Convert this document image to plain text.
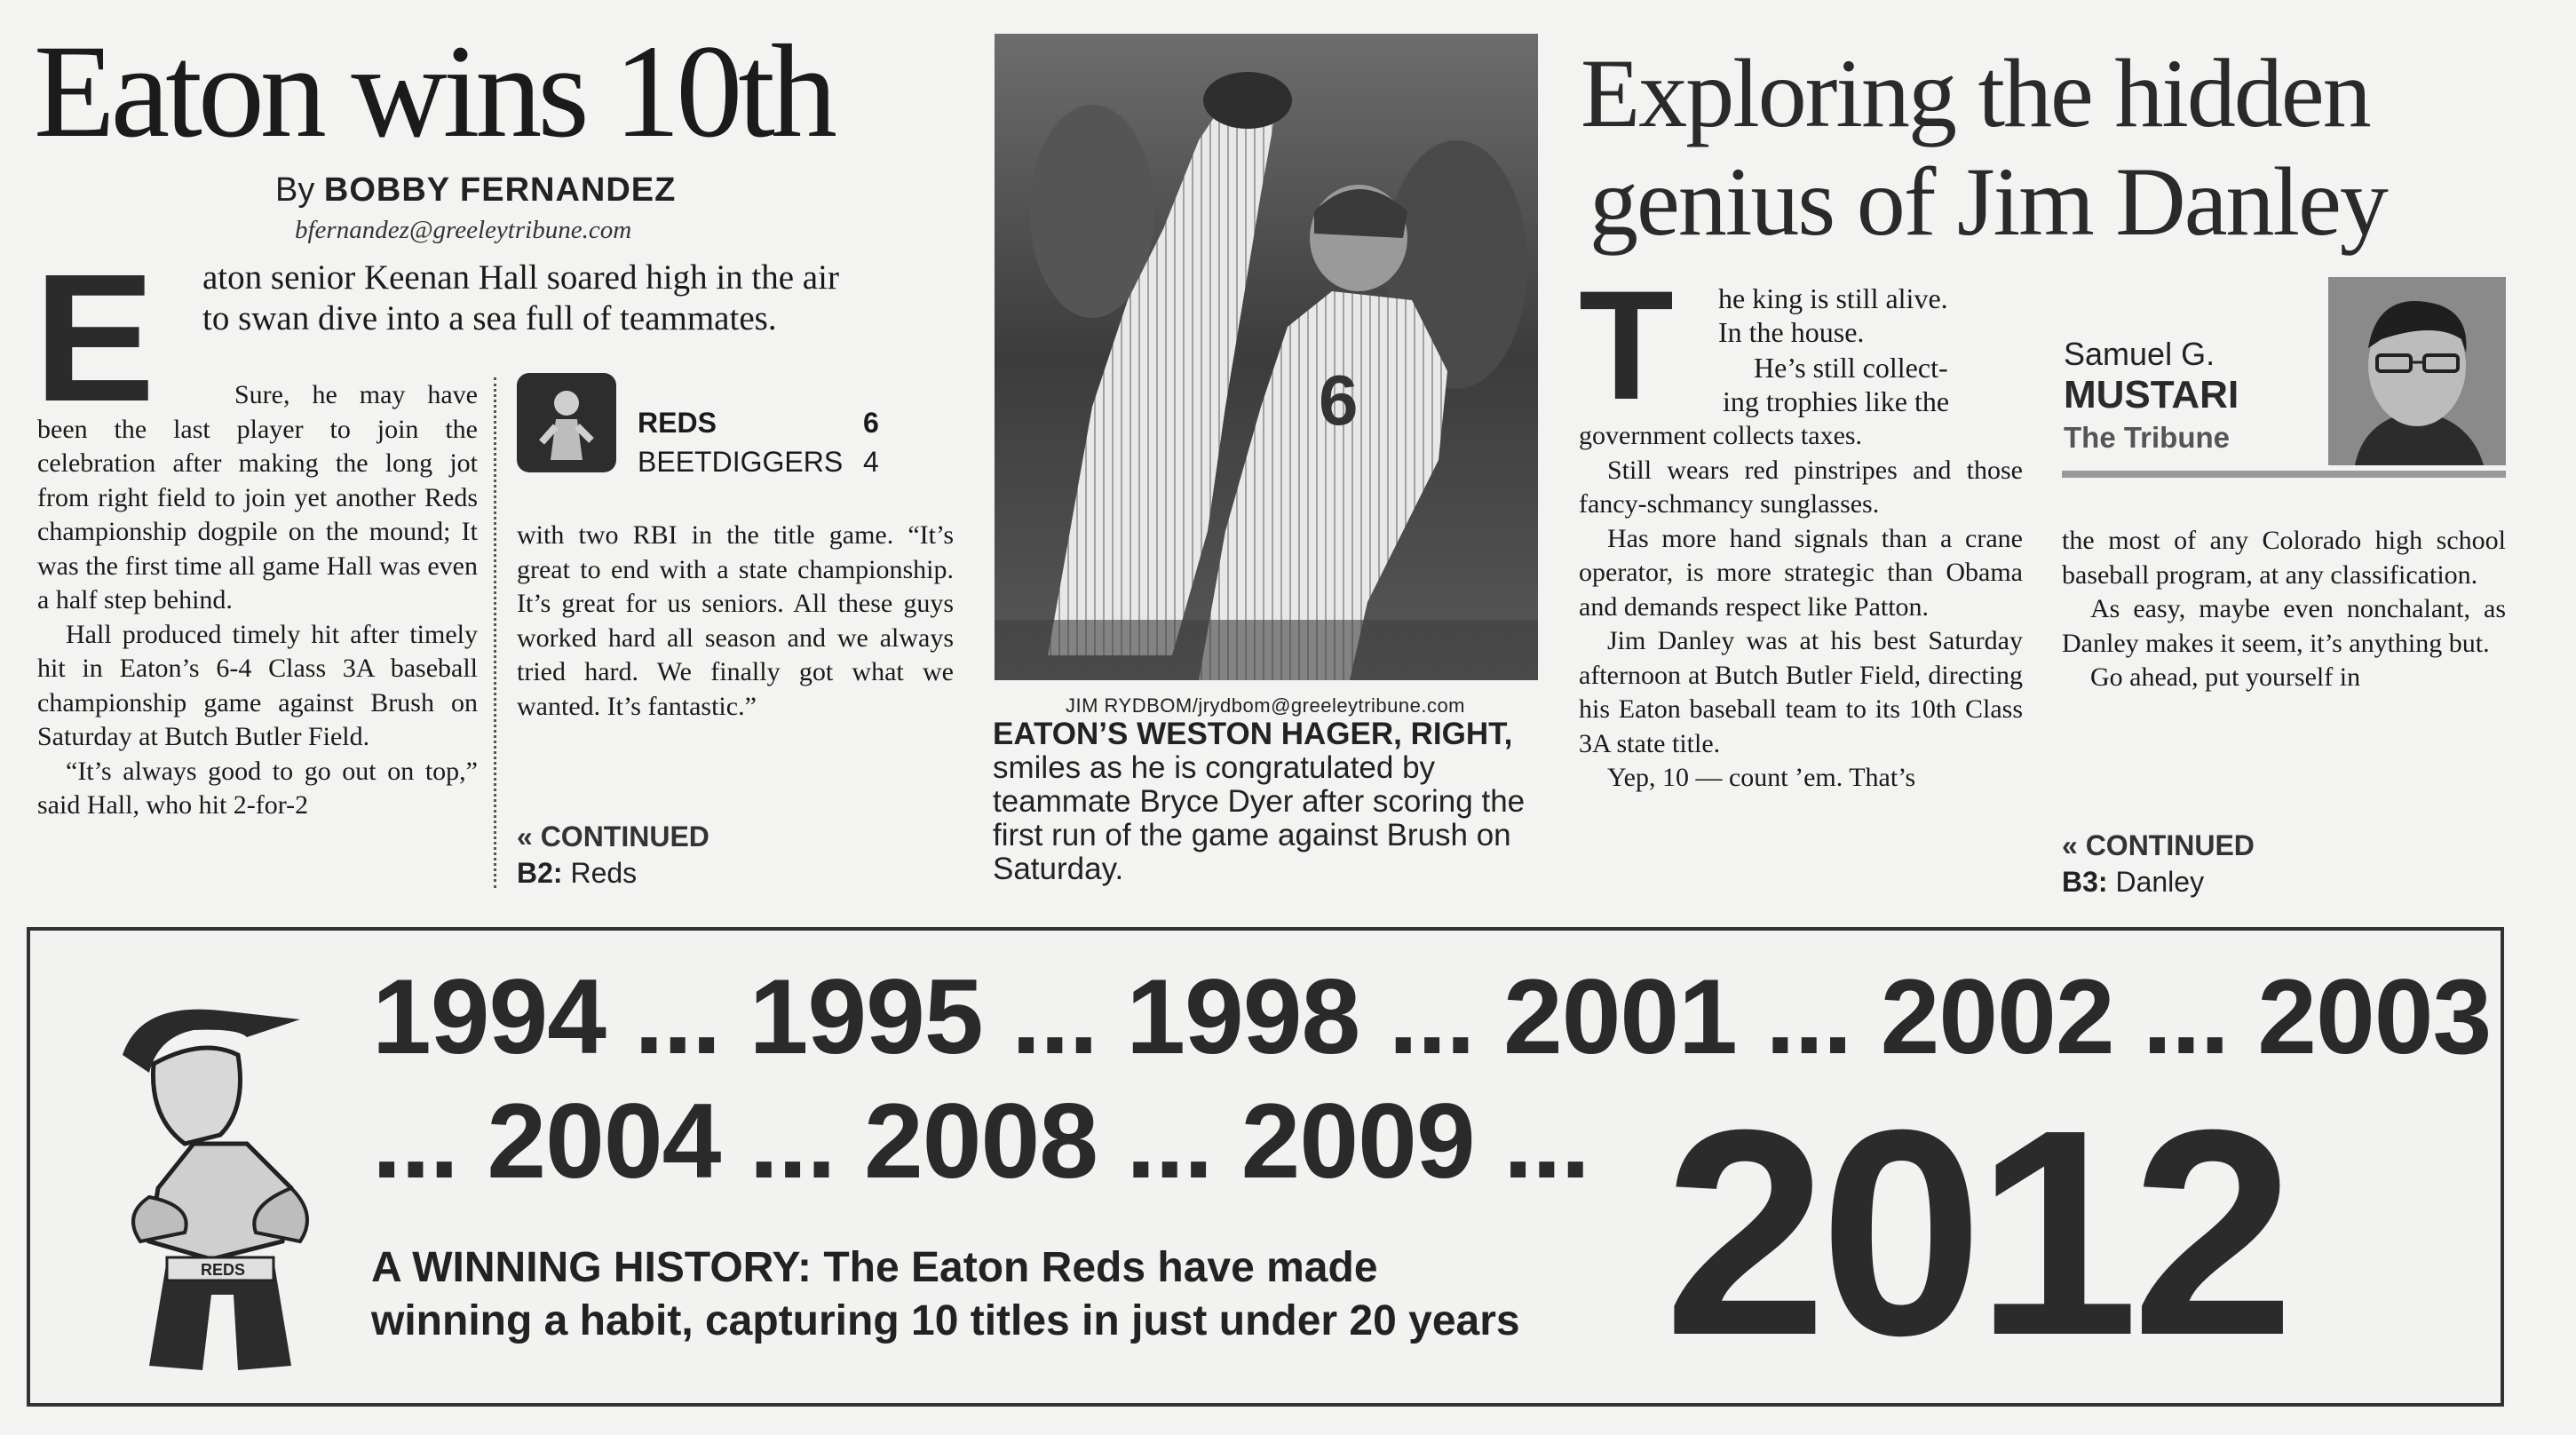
Eaton wins 10th
By BOBBY FERNANDEZ
bfernandez@greeleytribune.com
E aton senior Keenan Hall soared high in the air
to swan dive into a sea full of teammates.

Sure, he may have been the last player to join the celebration after making the long jot from right field to join yet another Reds championship dogpile on the mound; It was the first time all game Hall was even a half step behind.

Hall produced timely hit after timely hit in Eaton’s 6-4 Class 3A baseball championship game against Brush on Saturday at Butch Butler Field.

“It’s always good to go out on top,” said Hall, who hit 2-for-2

REDS	6
BEETDIGGERS 4

with two RBI in the title game. “It’s great to end with a state championship. It’s great for us seniors. All these guys worked hard all season and we always tried hard. We finally got what we wanted. It’s fantastic.”

« CONTINUED
B2: Reds
6
JIM RYDBOM/jrydbom@greeleytribune.com
EATON’S WESTON HAGER, RIGHT, smiles as he is congratulated by teammate Bryce Dyer after scoring the first run of the game against Brush on Saturday.
Exploring the hidden
genius of Jim Danley
T he king is still alive.
In the house.
He’s still collect-
ing trophies like the

government collects taxes.

Still wears red pinstripes and those fancy-schmancy sunglasses.

Has more hand signals than a crane operator, is more strategic than Obama and demands respect like Patton.

Jim Danley was at his best Saturday afternoon at Butch Butler Field, directing his Eaton baseball team to its 10th Class 3A state title.

Yep, 10 — count ’em. That’s

Samuel G.
MUSTARI
The Tribune

the most of any Colorado high school baseball program, at any classification.

As easy, maybe even nonchalant, as Danley makes it seem, it’s anything but.

Go ahead, put yourself in

« CONTINUED
B3: Danley
REDS
1994 ... 1995 ... 1998 ... 2001 ... 2002 ... 2003
... 2004 ... 2008 ... 2009 ... 2012
A WINNING HISTORY: The Eaton Reds have made
winning a habit, capturing 10 titles in just under 20 years
